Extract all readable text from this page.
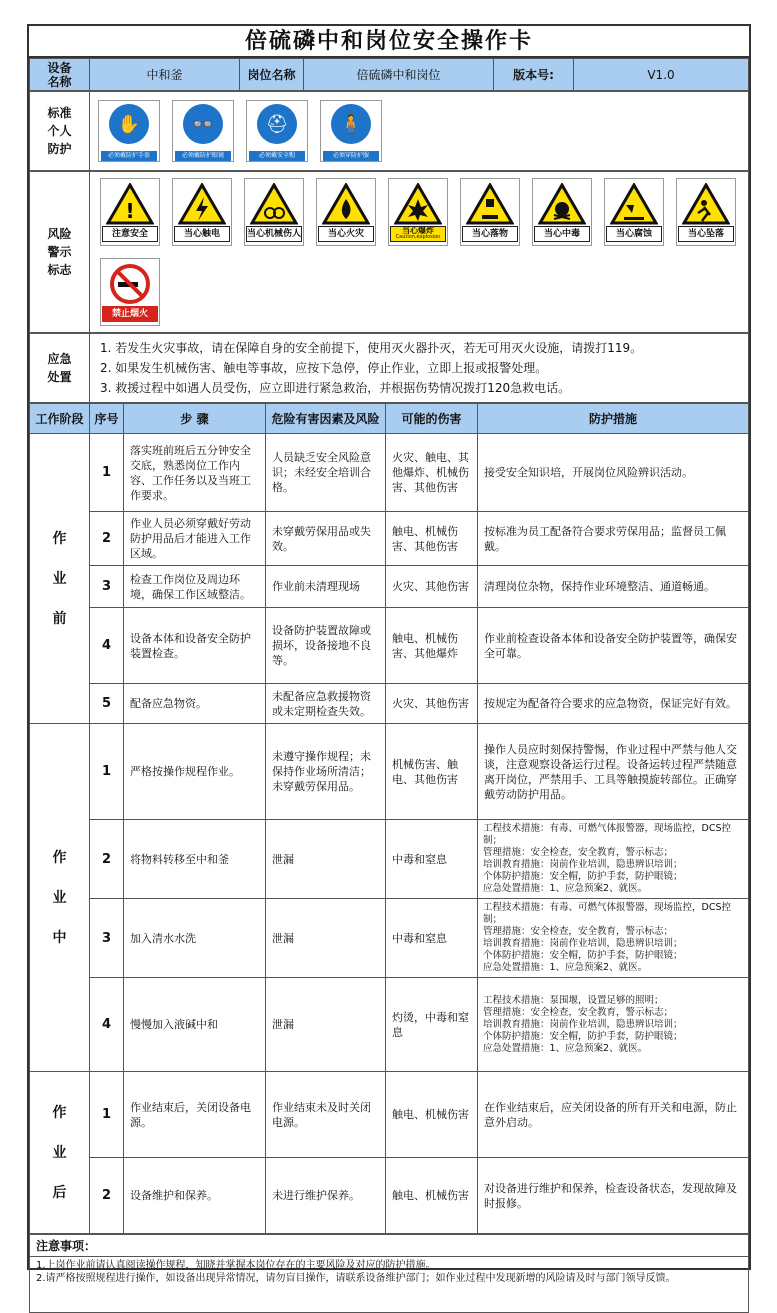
倍硫磷中和岗位安全操作卡
设备名称	中和釜	岗位名称	倍硫磷中和岗位	版本号:	V1.0
标准个人防护	
✋
必须戴防护手套
👓
必须戴防护眼镜
⛑
必须戴安全帽
🧍
必须穿防护服
风险警示标志	
!
注意安全	当心触电	当心机械伤人	当心火灾	当心爆炸
Caution,explosion	当心落物	当心中毒	当心腐蚀	当心坠落
禁止烟火
应急处置	
1. 若发生火灾事故，请在保障自身的安全前提下，使用灭火器扑灭，若无可用灭火设施，请拨打119。
2. 如果发生机械伤害、触电等事故，应按下急停，停止作业，立即上报或报警处理。
3. 救援过程中如遇人员受伤，应立即进行紧急救治，并根据伤势情况拨打120急救电话。
工作阶段	序号	步 骤	危险有害因素及风险	可能的伤害	防护措施

作业前	1	落实班前班后五分钟安全交底，熟悉岗位工作内容、工作任务以及当班工作要求。	人员缺乏安全风险意识；未经安全培训合格。	火灾、触电、其他爆炸、机械伤害、其他伤害	接受安全知识培，开展岗位风险辨识活动。
	2	作业人员必须穿戴好劳动防护用品后才能进入工作区域。	未穿戴劳保用品或失效。	触电、机械伤害、其他伤害	按标准为员工配备符合要求劳保用品；监督员工佩戴。
	3	检查工作岗位及周边环境，确保工作区域整洁。	作业前未清理现场	火灾、其他伤害	清理岗位杂物，保持作业环境整洁、通道畅通。
	4	设备本体和设备安全防护装置检查。	设备防护装置故障或损坏，设备接地不良等。	触电、机械伤害、其他爆炸	作业前检查设备本体和设备安全防护装置等，确保安全可靠。
	5	配备应急物资。	未配备应急救援物资或未定期检查失效。	火灾、其他伤害	按规定为配备符合要求的应急物资，保证完好有效。

作业中	1	严格按操作规程作业。	未遵守操作规程；未保持作业场所清洁；未穿戴劳保用品。	机械伤害、触电、其他伤害	操作人员应时刻保持警惕，作业过程中严禁与他人交谈，注意观察设备运行过程。设备运转过程严禁随意离开岗位，严禁用手、工具等触摸旋转部位。正确穿戴劳动防护用品。
	2	将物料转移至中和釜	泄漏	中毒和窒息	工程技术措施：有毒、可燃气体报警器，现场监控，DCS控制；
管理措施：安全检查，安全教育，警示标志；
培训教育措施：岗前作业培训，隐患辨识培训；
个体防护措施：安全帽，防护手套，防护眼镜；
应急处置措施：1、应急预案2、就医。

	3	加入清水水洗	泄漏	中毒和窒息	工程技术措施：有毒、可燃气体报警器，现场监控，DCS控制；
管理措施：安全检查，安全教育，警示标志；
培训教育措施：岗前作业培训，隐患辨识培训；
个体防护措施：安全帽，防护手套，防护眼镜；
应急处置措施：1、应急预案2、就医。

	4	慢慢加入液碱中和	泄漏	灼烫，中毒和窒息	工程技术措施：泵围堰，设置足够的照明；
管理措施：安全检查，安全教育，警示标志；
培训教育措施：岗前作业培训，隐患辨识培训；
个体防护措施：安全帽，防护手套，防护眼镜；
应急处置措施：1、应急预案2、就医。

作业后	1	作业结束后，关闭设备电源。	作业结束未及时关闭电源。	触电、机械伤害	在作业结束后，应关闭设备的所有开关和电源，防止意外启动。
	2	设备维护和保养。	未进行维护保养。	触电、机械伤害	对设备进行维护和保养，检查设备状态，发现故障及时报修。
注意事项：

1.上岗作业前请认真阅读操作规程，知晓并掌握本岗位存在的主要风险及对应的防护措施。
2.请严格按照规程进行操作，如设备出现异常情况，请勿盲目操作，请联系设备维护部门；如作业过程中发现新增的风险请及时与部门领导反馈。
